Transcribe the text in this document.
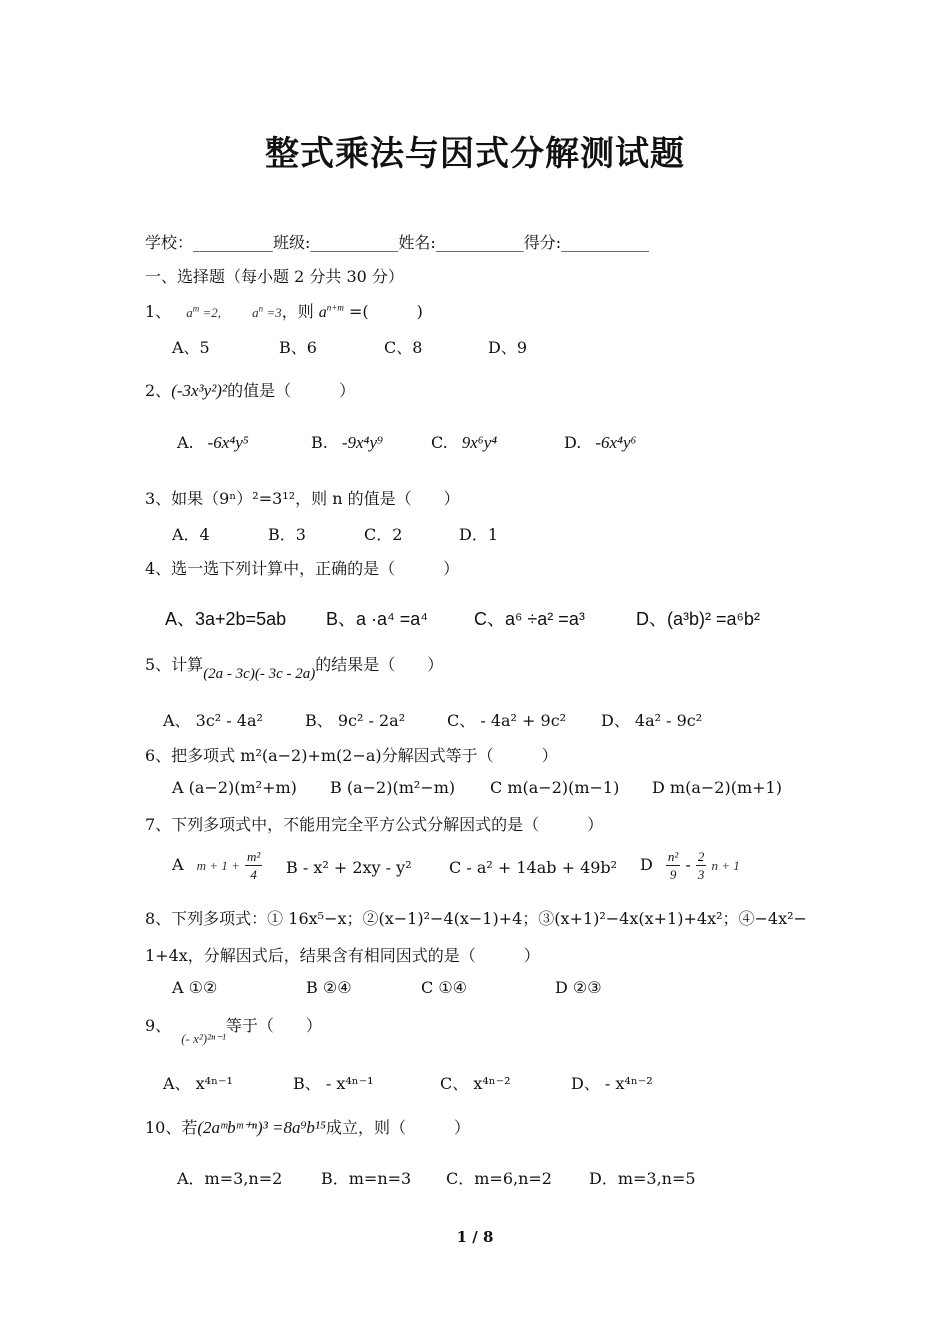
整式乘法与因式分解测试题
学校：__________班级:___________姓名:___________得分:___________
一、选择题（每小题 2 分共 30 分）
1、 $a^m =2$, $a^n =3$，则 $a^{n+m}$ =(　　　)
A、5	B、6	C、8	D、9
2、(-3x³y²)²的值是（　　　）
A. -6x⁴y⁵	B. -9x⁴y⁹	C. 9x⁶y⁴	D. -6x⁴y⁶
3、如果（9ⁿ）²=3¹²，则 n 的值是（　　）
A．4	B．3	C．2	D．1
4、选一选下列计算中，正确的是（　　　）
A、3a+2b=5ab B、a ·a⁴ =a⁴	C、a⁶ ÷a² =a³	D、(a³b)² =a⁶b²
5、计算(2a - 3c)(- 3c - 2a)的结果是（　　）
A、 3c² - 4a²	B、 9c² - 2a²	C、 - 4a² + 9c² D、 4a² - 9c²
6、把多项式 m²(a−2)+m(2−a)分解因式等于（　　　）
A (a−2)(m²+m) B (a−2)(m²−m) C m(a−2)(m−1) D m(a−2)(m+1)
7、下列多项式中，不能用完全平方公式分解因式的是（　　　）
A $m + 1 + \frac{\text{m²}}{4}$ B - x² + 2xy - y² C - a² + 14ab + 49b² D $\frac{\text{n²}}{9} - \frac{2}{3}$ n + 1
8、下列多项式：① 16x⁵−x；②(x−1)²−4(x−1)+4；③(x+1)²−4x(x+1)+4x²；④−4x²−
1+4x，分解因式后，结果含有相同因式的是（　　　）
A ①②	B ②④	C ①④	D ②③
9、$_{(- x^2)^{2n-1}}$等于（　　）
A、 x⁴ⁿ⁻¹	B、 - x⁴ⁿ⁻¹	C、 x⁴ⁿ⁻²	D、 - x⁴ⁿ⁻²
10、若(2aᵐbᵐ⁺ⁿ)³ =8a⁹b¹⁵成立，则（　　　）
A．m=3,n=2 B．m=n=3 C．m=6,n=2 D．m=3,n=5
1 / 8
